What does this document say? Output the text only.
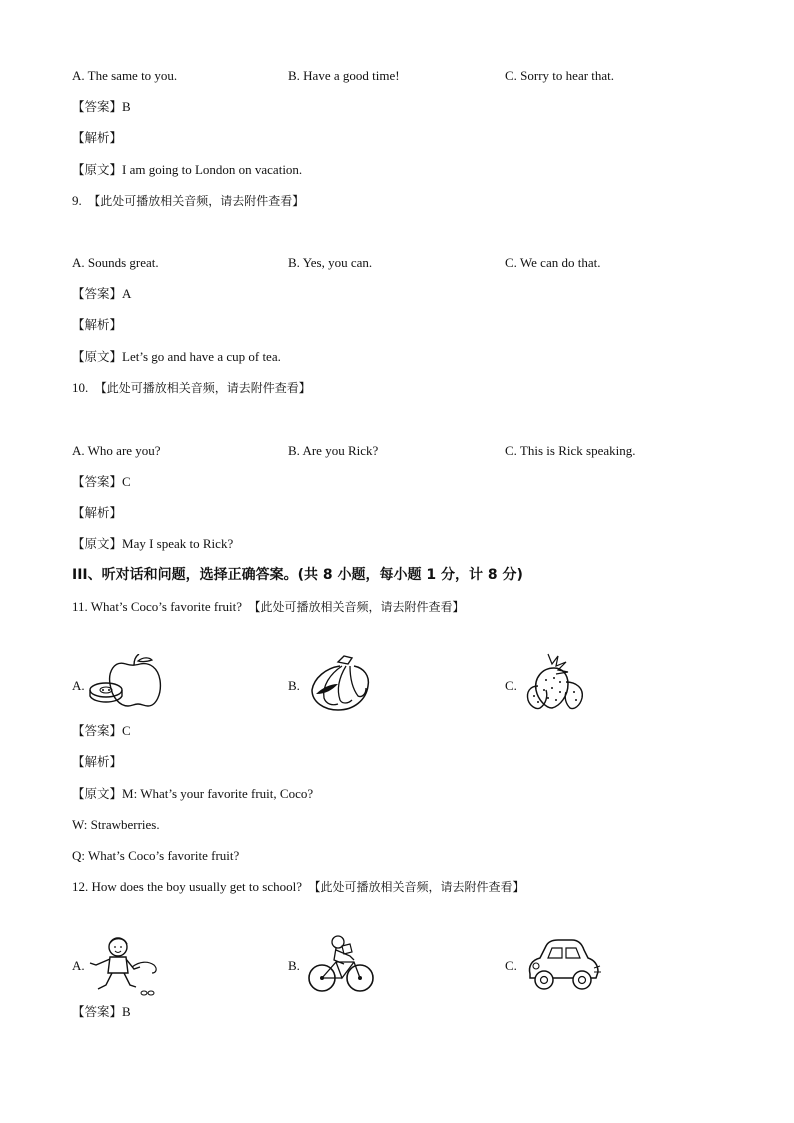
A. The same to you.	B. Have a good time!	C. Sorry to hear that.
【答案】B
【解析】
【原文】I am going to London on vacation.
9. 【此处可播放相关音频，请去附件查看】
A. Sounds great.	B. Yes, you can.	C. We can do that.
【答案】A
【解析】
【原文】Let’s go and have a cup of tea.
10. 【此处可播放相关音频，请去附件查看】
A. Who are you?	B. Are you Rick?	C. This is Rick speaking.
【答案】C
【解析】
【原文】May I speak to Rick?
III、听对话和问题，选择正确答案。(共 8 小题，每小题 1 分，计 8 分)
11. What’s Coco’s favorite fruit? 【此处可播放相关音频，请去附件查看】
A.	B.	C.
【答案】C
【解析】
【原文】M: What’s your favorite fruit, Coco?
W: Strawberries.
Q: What’s Coco’s favorite fruit?
12. How does the boy usually get to school? 【此处可播放相关音频，请去附件查看】
A.	B.	C.
【答案】B
